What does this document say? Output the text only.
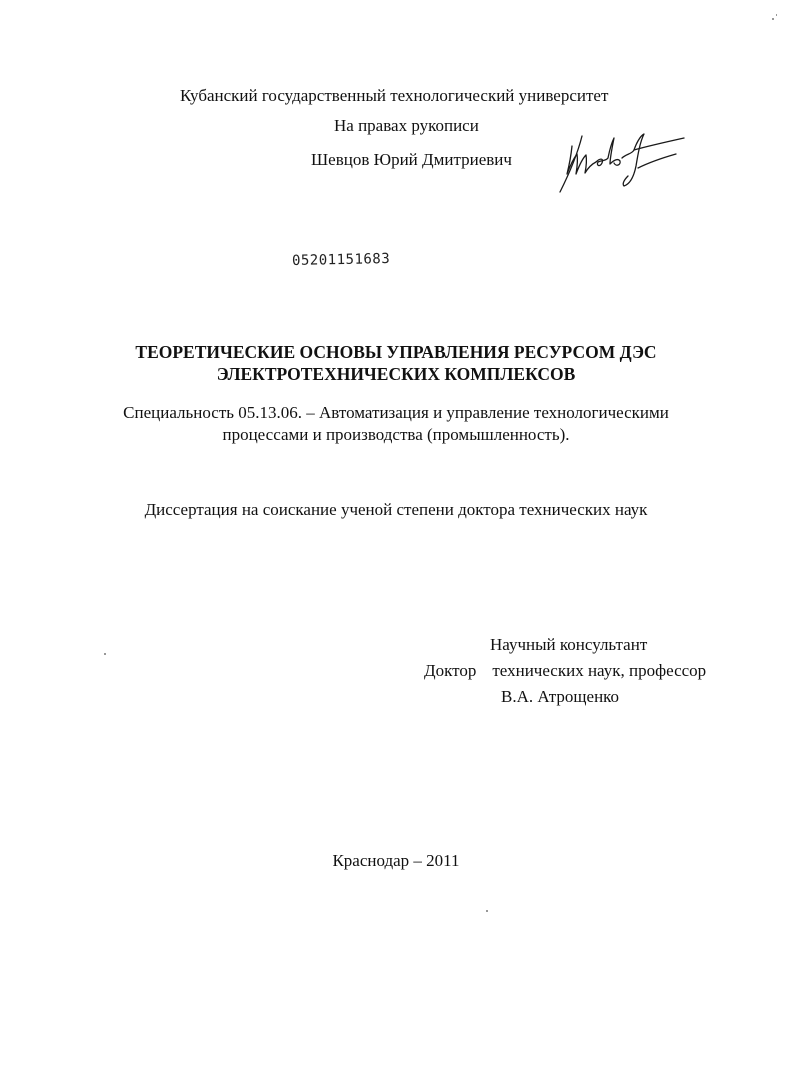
Кубанский государственный технологический университет
На правах рукописи
Шевцов Юрий Дмитриевич
05201151683
ТЕОРЕТИЧЕСКИЕ ОСНОВЫ УПРАВЛЕНИЯ РЕСУРСОМ ДЭС
ЭЛЕКТРОТЕХНИЧЕСКИХ КОМПЛЕКСОВ
Специальность 05.13.06. – Автоматизация и управление технологическими
процессами и производства (промышленность).
Диссертация на соискание ученой степени доктора технических наук
Научный консультант
Доктор технических наук, профессор
В.А. Атрощенко
Краснодар – 2011
